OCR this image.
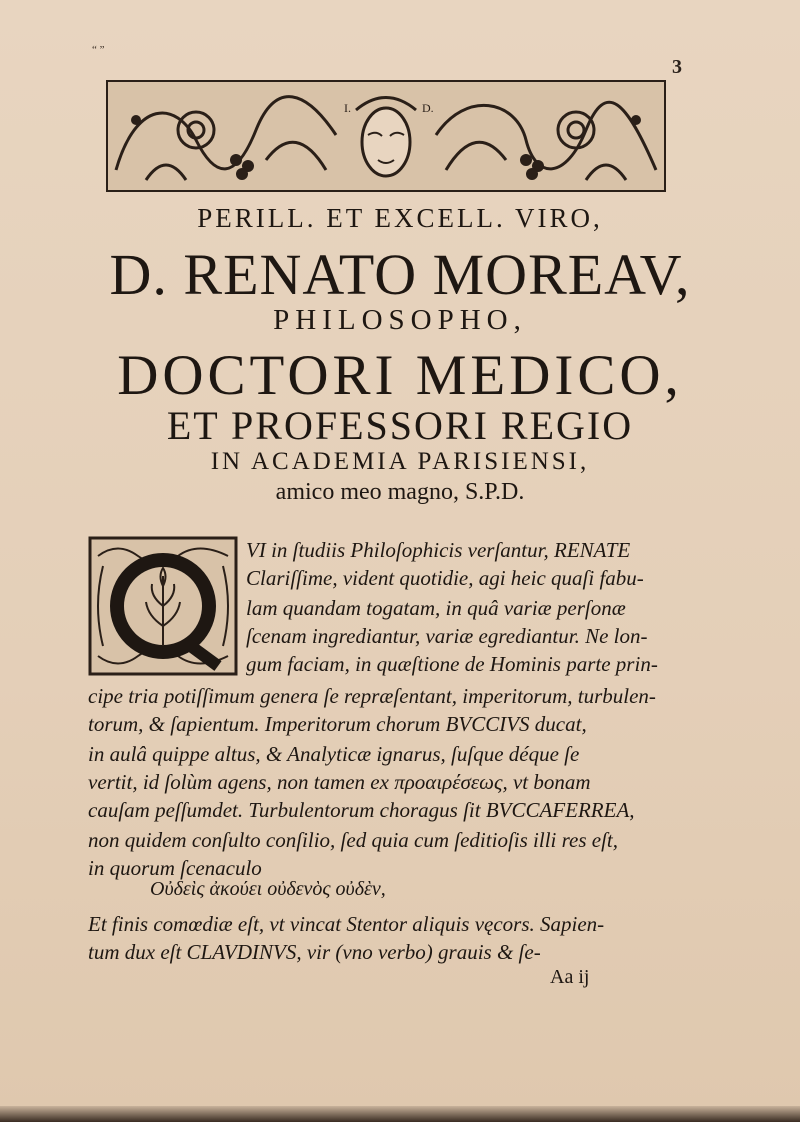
“ ”
3
I.	D.
PERILL. ET EXCELL. VIRO,
D. RENATO MOREAV,
PHILOSOPHO,
DOCTORI MEDICO,
ET PROFESSORI REGIO
IN ACADEMIA PARISIENSI,
amico meo magno, S.P.D.
VI in ſtudiis Philoſophicis verſantur, RENATE
Clariſſime, vident quotidie, agi heic quaſi fabu-
lam quandam togatam, in quâ variæ perſonæ
ſcenam ingrediantur, variæ egrediantur. Ne lon-
gum faciam, in quæſtione de Hominis parte prin-
cipe tria potiſſimum genera ſe repræſentant, imperitorum, turbulen-
torum, & ſapientum. Imperitorum chorum BVCCIVS ducat,
in aulâ quippe altus, & Analyticæ ignarus, ſuſque déque ſe
vertit, id ſolùm agens, non tamen ex προαιρέσεως, vt bonam
cauſam peſſumdet. Turbulentorum choragus ſit BVCCAFERREA,
non quidem conſulto conſilio, ſed quia cum ſeditioſis illi res eſt,
in quorum ſcenaculo
Οὐδεὶς ἀκούει οὐδενὸς οὐδὲν,
Et finis comœdiæ eſt, vt vincat Stentor aliquis vęcors. Sapien-
tum dux eſt CLAVDINVS, vir (vno verbo) grauis & ſe-
Aa ij
